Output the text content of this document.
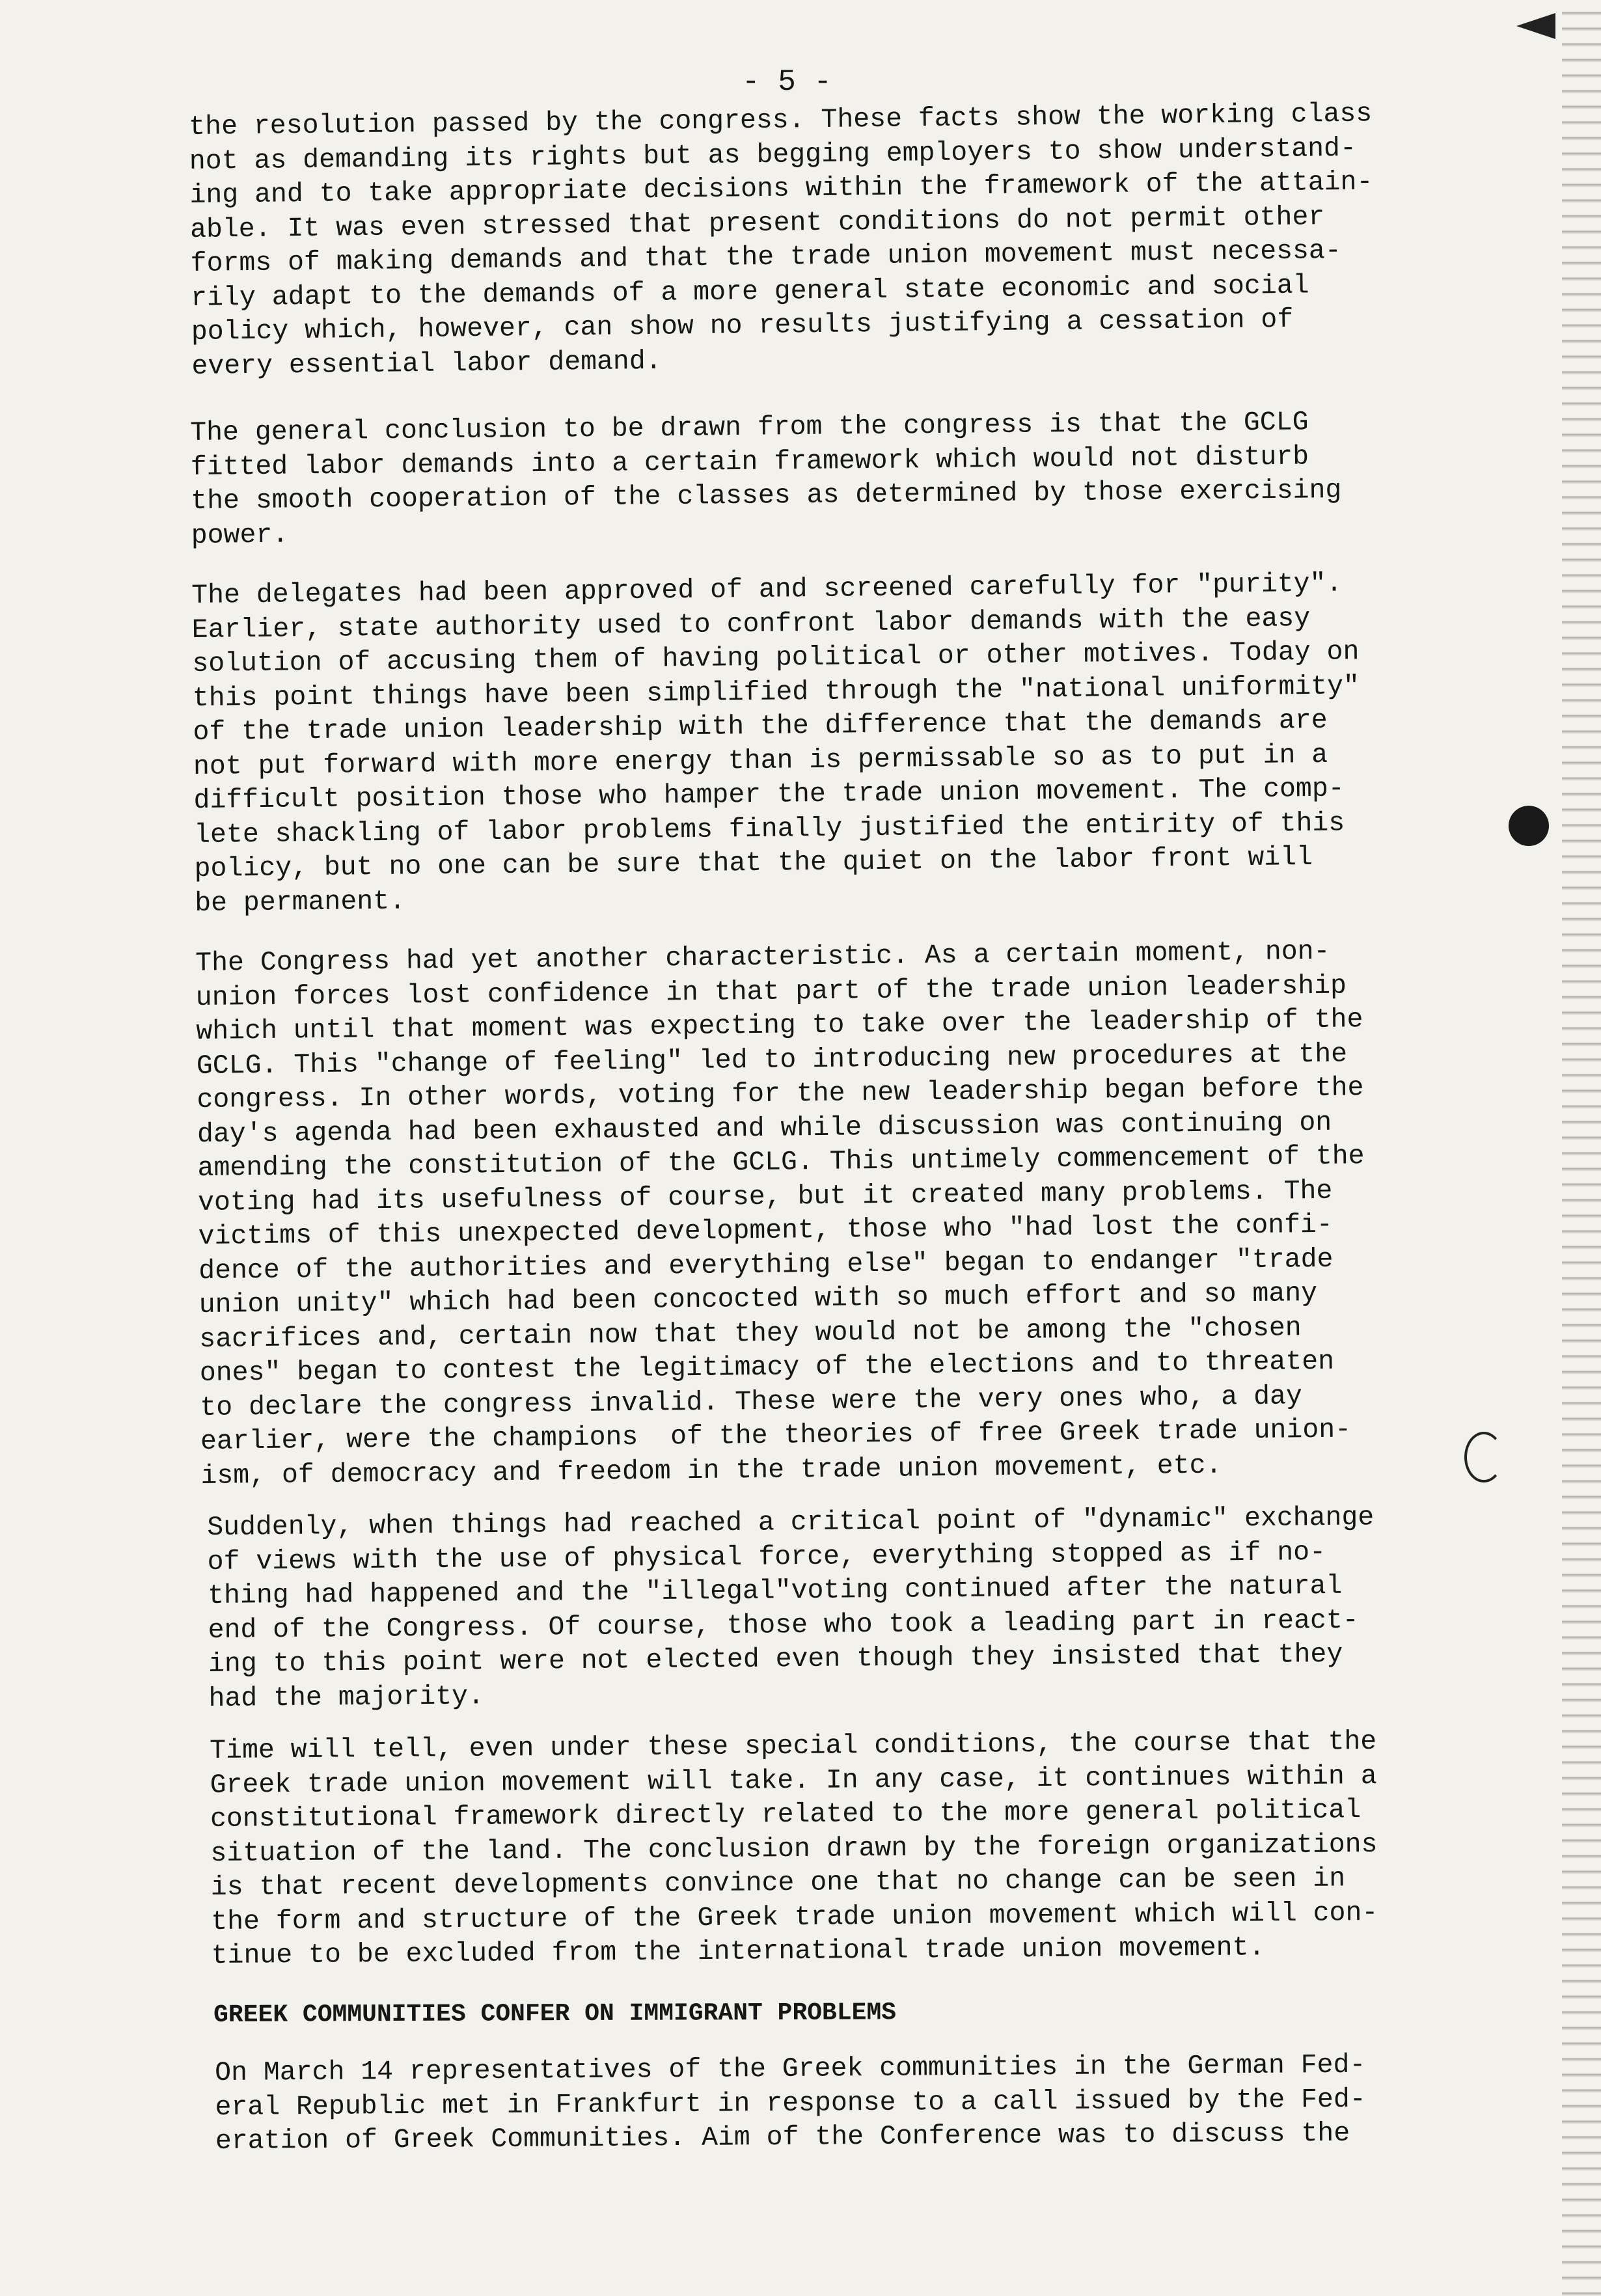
- 5 -

the resolution passed by the congress. These facts show the working class
not as demanding its rights but as begging employers to show understand-
ing and to take appropriate decisions within the framework of the attain-
able. It was even stressed that present conditions do not permit other
forms of making demands and that the trade union movement must necessa-
rily adapt to the demands of a more general state economic and social
policy which, however, can show no results justifying a cessation of
every essential labor demand.

The general conclusion to be drawn from the congress is that the GCLG
fitted labor demands into a certain framework which would not disturb
the smooth cooperation of the classes as determined by those exercising
power.

The delegates had been approved of and screened carefully for "purity".
Earlier, state authority used to confront labor demands with the easy
solution of accusing them of having political or other motives. Today on
this point things have been simplified through the "national uniformity"
of the trade union leadership with the difference that the demands are
not put forward with more energy than is permissable so as to put in a
difficult position those who hamper the trade union movement. The comp-
lete shackling of labor problems finally justified the entirity of this
policy, but no one can be sure that the quiet on the labor front will
be permanent.

The Congress had yet another characteristic. As a certain moment, non-
union forces lost confidence in that part of the trade union leadership
which until that moment was expecting to take over the leadership of the
GCLG. This "change of feeling" led to introducing new procedures at the
congress. In other words, voting for the new leadership began before the
day's agenda had been exhausted and while discussion was continuing on
amending the constitution of the GCLG. This untimely commencement of the
voting had its usefulness of course, but it created many problems. The
victims of this unexpected development, those who "had lost the confi-
dence of the authorities and everything else" began to endanger "trade
union unity" which had been concocted with so much effort and so many
sacrifices and, certain now that they would not be among the "chosen
ones" began to contest the legitimacy of the elections and to threaten
to declare the congress invalid. These were the very ones who, a day
earlier, were the champions  of the theories of free Greek trade union-
ism, of democracy and freedom in the trade union movement, etc.

Suddenly, when things had reached a critical point of "dynamic" exchange
of views with the use of physical force, everything stopped as if no-
thing had happened and the "illegal"voting continued after the natural
end of the Congress. Of course, those who took a leading part in react-
ing to this point were not elected even though they insisted that they
had the majority.

Time will tell, even under these special conditions, the course that the
Greek trade union movement will take. In any case, it continues within a
constitutional framework directly related to the more general political
situation of the land. The conclusion drawn by the foreign organizations
is that recent developments convince one that no change can be seen in
the form and structure of the Greek trade union movement which will con-
tinue to be excluded from the international trade union movement.

GREEK COMMUNITIES CONFER ON IMMIGRANT PROBLEMS

On March 14 representatives of the Greek communities in the German Fed-
eral Republic met in Frankfurt in response to a call issued by the Fed-
eration of Greek Communities. Aim of the Conference was to discuss the
